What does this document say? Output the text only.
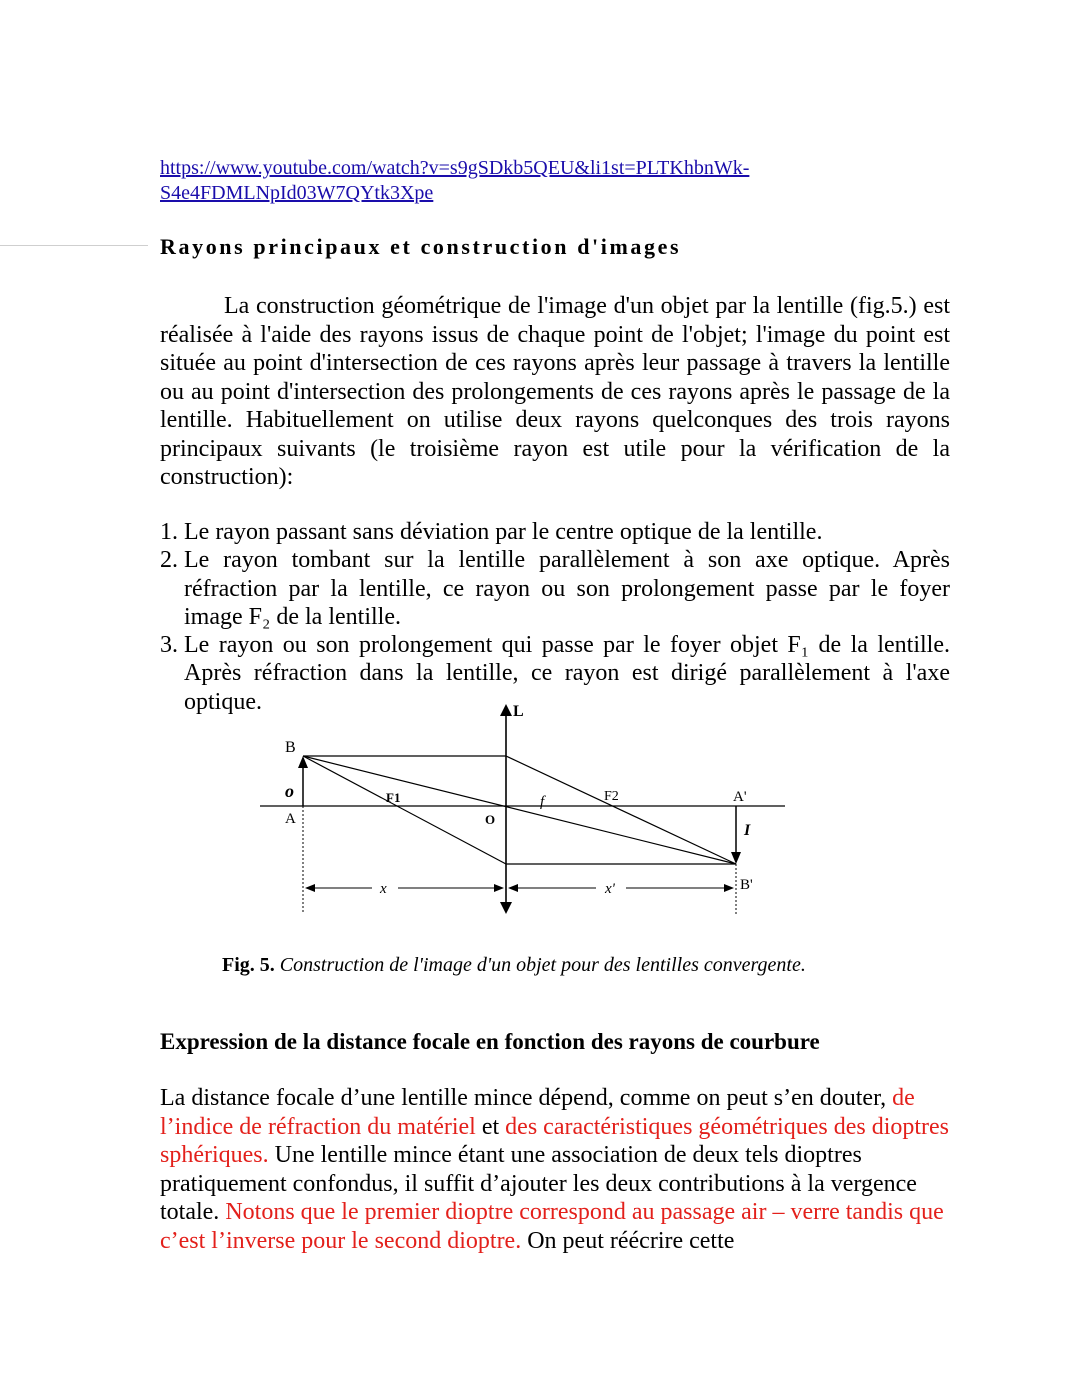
https://www.youtube.com/watch?v=s9gSDkb5QEU&li1st=PLTKhbnWk-
S4e4FDMLNpId03W7QYtk3Xpe
Rayons principaux et construction d'images
La construction géométrique de l'image d'un objet par la lentille (fig.5.) est réalisée à l'aide des rayons issus de chaque point de l'objet; l'image du point est située au point d'intersection de ces rayons après leur passage à travers la lentille ou au point d'intersection des prolongements de ces rayons après le passage de la lentille. Habituellement on utilise deux rayons quelconques des trois rayons principaux suivants (le troisième rayon est utile pour la vérification de la construction):
1. Le rayon passant sans déviation par le centre optique de la lentille.
2. Le rayon tombant sur la lentille parallèlement à son axe optique. Après réfraction par la lentille, ce rayon ou son prolongement passe par le foyer image F₂ de la lentille.
3. Le rayon ou son prolongement qui passe par le foyer objet F₁ de la lentille. Après réfraction dans la lentille, ce rayon est dirigé parallèlement à l'axe optique.	L
B
o
A
F1
O
f	F2	A'
I
B'
x	x'
Fig. 5. Construction de l'image d'un objet pour des lentilles convergente.
Expression de la distance focale en fonction des rayons de courbure
La distance focale d’une lentille mince dépend, comme on peut s’en douter, de l’indice de réfraction du matériel et des caractéristiques géométriques des dioptres sphériques. Une lentille mince étant une association de deux tels dioptres pratiquement confondus, il suffit d’ajouter les deux contributions à la vergence totale. Notons que le premier dioptre correspond au passage air – verre tandis que c’est l’inverse pour le second dioptre. On peut réécrire cette
